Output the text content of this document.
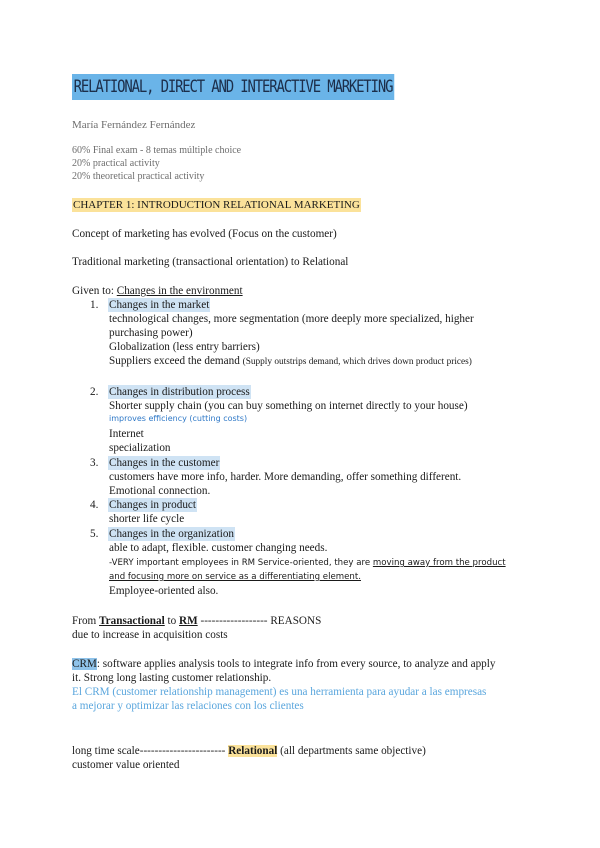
RELATIONAL, DIRECT AND INTERACTIVE MARKETING
María Fernández Fernández
60% Final exam - 8 temas múltiple choice
20% practical activity
20% theoretical practical activity
CHAPTER 1: INTRODUCTION RELATIONAL MARKETING
Concept of marketing has evolved (Focus on the customer)
Traditional marketing (transactional orientation) to Relational
Given to: Changes in the environment
1. Changes in the market
technological changes, more segmentation (more deeply more specialized, higher
purchasing power)
Globalization (less entry barriers)
Suppliers exceed the demand (Supply outstrips demand, which drives down product prices)
2. Changes in distribution process
Shorter supply chain (you can buy something on internet directly to your house)
improves efficiency (cutting costs)
Internet
specialization
3. Changes in the customer
customers have more info, harder. More demanding, offer something different.
Emotional connection.
4. Changes in product
shorter life cycle
5. Changes in the organization
able to adapt, flexible. customer changing needs.
-VERY important employees in RM Service-oriented, they are moving away from the product
and focusing more on service as a differentiating element.
Employee-oriented also.
From Transactional to RM ------------------ REASONS
due to increase in acquisition costs
CRM: software applies analysis tools to integrate info from every source, to analyze and apply
it. Strong long lasting customer relationship.
El CRM (customer relationship management) es una herramienta para ayudar a las empresas
a mejorar y optimizar las relaciones con los clientes
long time scale----------------------- Relational (all departments same objective)
customer value oriented
